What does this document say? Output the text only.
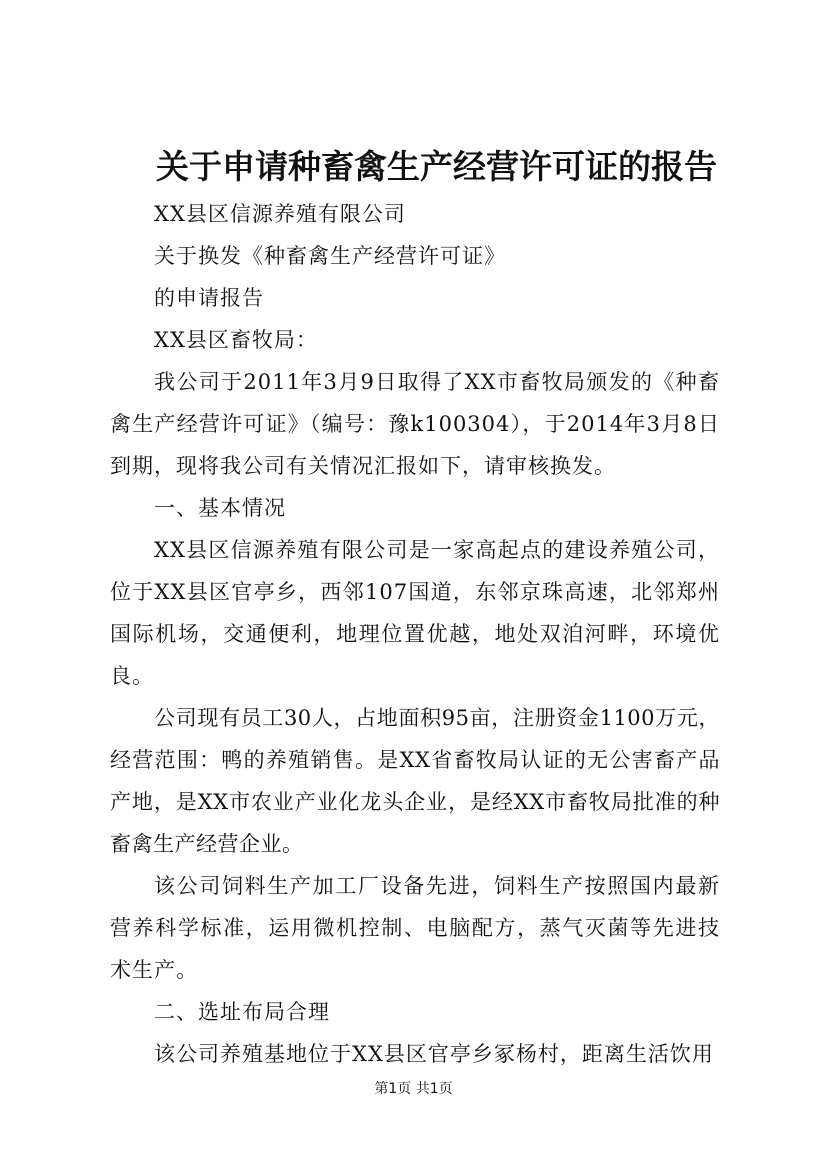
关于申请种畜禽生产经营许可证的报告

XX县区信源养殖有限公司

关于换发《种畜禽生产经营许可证》

的申请报告

XX县区畜牧局：

我公司于2011年3月9日取得了XX市畜牧局颁发的《种畜禽生产经营许可证》（编号：豫k100304），于2014年3月8日到期，现将我公司有关情况汇报如下，请审核换发。

一、基本情况

XX县区信源养殖有限公司是一家高起点的建设养殖公司，位于XX县区官亭乡，西邻107国道，东邻京珠高速，北邻郑州国际机场，交通便利，地理位置优越，地处双洎河畔，环境优良。

公司现有员工30人，占地面积95亩，注册资金1100万元，经营范围：鸭的养殖销售。是XX省畜牧局认证的无公害畜产品产地，是XX市农业产业化龙头企业，是经XX市畜牧局批准的种畜禽生产经营企业。

该公司饲料生产加工厂设备先进，饲料生产按照国内最新营养科学标准，运用微机控制、电脑配方，蒸气灭菌等先进技术生产。

二、选址布局合理

该公司养殖基地位于XX县区官亭乡冢杨村，距离生活饮用

第1页 共1页
